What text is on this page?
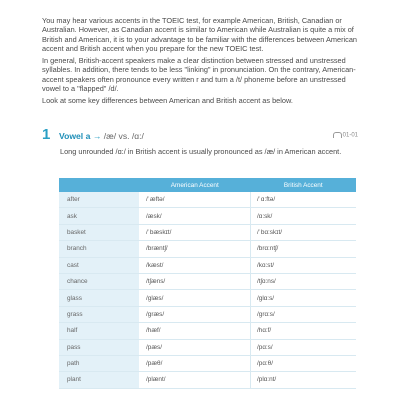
You may hear various accents in the TOEIC test, for example American, British, Canadian or Australian. However, as Canadian accent is similar to American while Australian is quite a mix of British and American, it is to your advantage to be familiar with the differences between American accent and British accent when you prepare for the new TOEIC test.

In general, British-accent speakers make a clear distinction between stressed and unstressed syllables. In addition, there tends to be less "linking" in pronunciation. On the contrary, American-accent speakers often pronounce every written r and turn a /t/ phoneme before an unstressed vowel to a "flapped" /d/.

Look at some key differences between American and British accent as below.

1 Vowel a → /æ/ vs. /ɑ:/	01-01
Long unrounded /ɑ:/ in British accent is usually pronounced as /æ/ in American accent.
	American Accent	British Accent
after	/ˈæftə/	/ˈɑ:ftə/
ask	/æsk/	/ɑ:sk/
basket	/ˈbæskɪt/	/ˈbɑ:skɪt/
branch	/bræntʃ/	/brɑ:ntʃ/
cast	/kæst/	/kɑ:st/
chance	/tʃæns/	/tʃɑ:ns/
glass	/glæs/	/glɑ:s/
grass	/græs/	/grɑ:s/
half	/hæf/	/hɑ:f/
pass	/pæs/	/pɑ:s/
path	/pæθ/	/pɑ:θ/
plant	/plænt/	/plɑ:nt/
